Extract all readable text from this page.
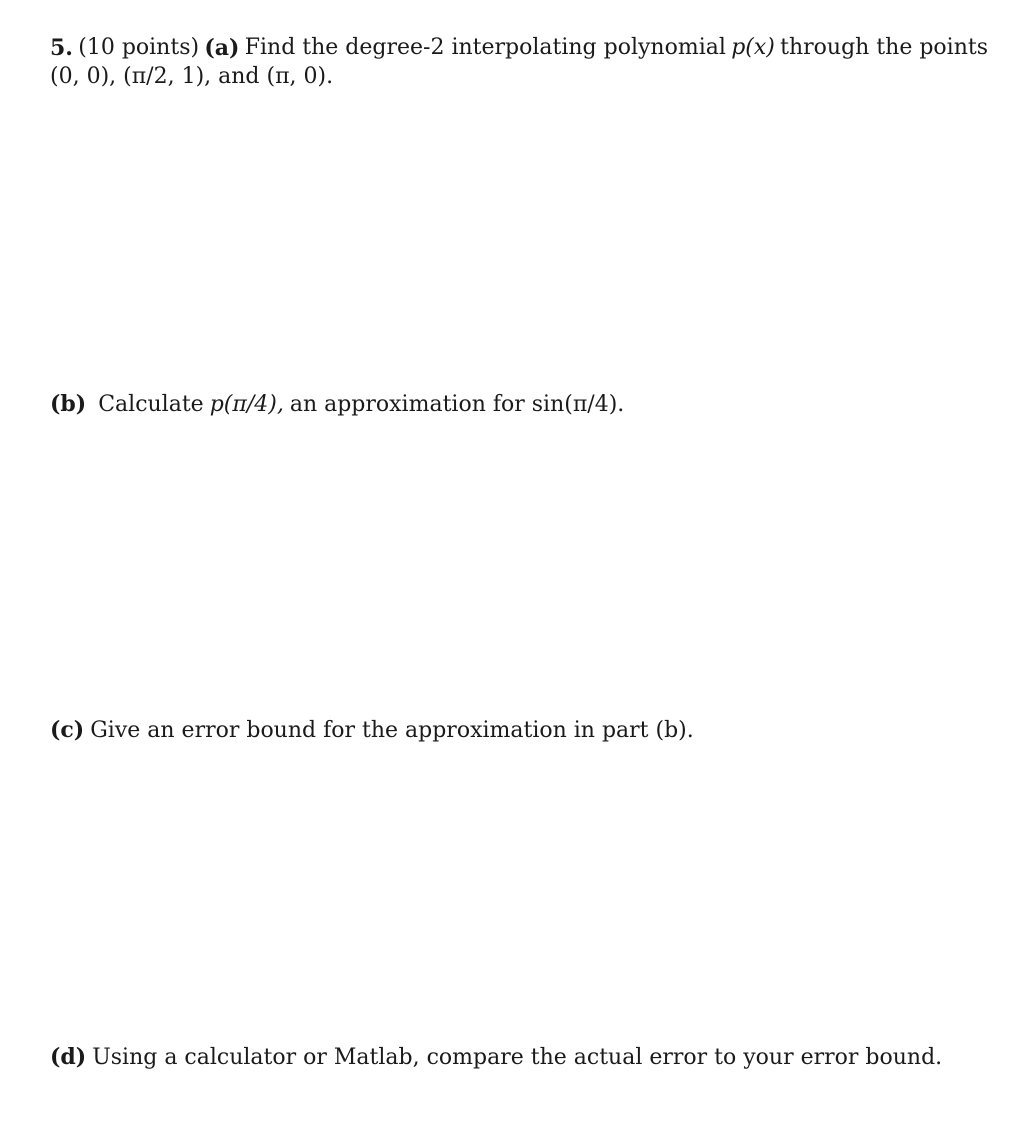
5. (10 points) (a) Find the degree-2 interpolating polynomial p(x) through the points
(0, 0), (π/2, 1), and (π, 0).
(b) Calculate p(π/4), an approximation for sin(π/4).
(c) Give an error bound for the approximation in part (b).
(d) Using a calculator or Matlab, compare the actual error to your error bound.
